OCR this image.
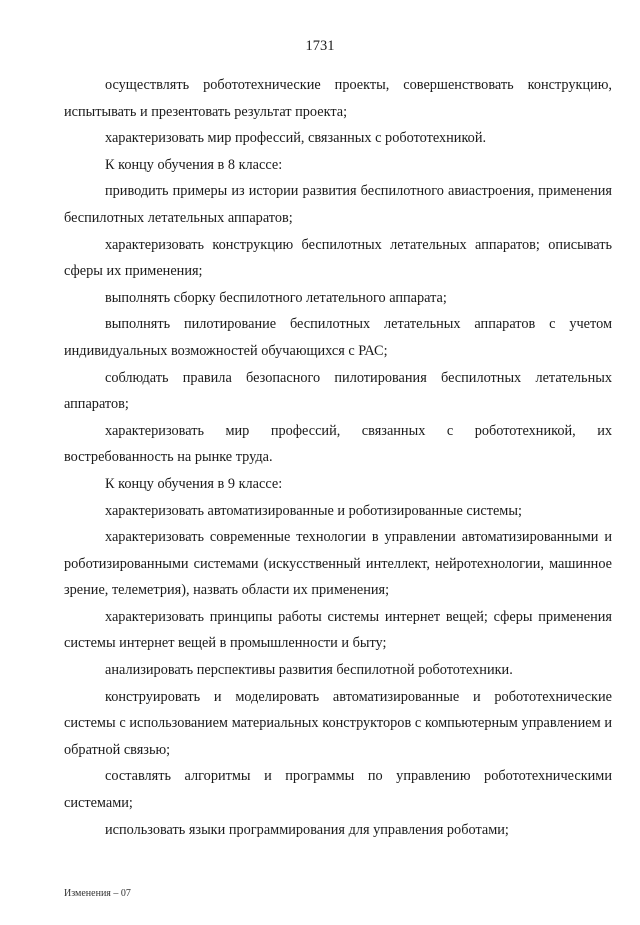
1731

осуществлять робототехнические проекты, совершенствовать конструкцию, испытывать и презентовать результат проекта;

характеризовать мир профессий, связанных с робототехникой.

К концу обучения в 8 классе:

приводить примеры из истории развития беспилотного авиастроения, применения беспилотных летательных аппаратов;

характеризовать конструкцию беспилотных летательных аппаратов; описывать сферы их применения;

выполнять сборку беспилотного летательного аппарата;

выполнять пилотирование беспилотных летательных аппаратов с учетом индивидуальных возможностей обучающихся с РАС;

соблюдать правила безопасного пилотирования беспилотных летательных аппаратов;

характеризовать мир профессий, связанных с робототехникой, их востребованность на рынке труда.

К концу обучения в 9 классе:

характеризовать автоматизированные и роботизированные системы;

характеризовать современные технологии в управлении автоматизированными и роботизированными системами (искусственный интеллект, нейротехнологии, машинное зрение, телеметрия), назвать области их применения;

характеризовать принципы работы системы интернет вещей; сферы применения системы интернет вещей в промышленности и быту;

анализировать перспективы развития беспилотной робототехники.

конструировать и моделировать автоматизированные и робототехнические системы с использованием материальных конструкторов с компьютерным управлением и обратной связью;

составлять алгоритмы и программы по управлению робототехническими системами;

использовать языки программирования для управления роботами;

Изменения – 07
